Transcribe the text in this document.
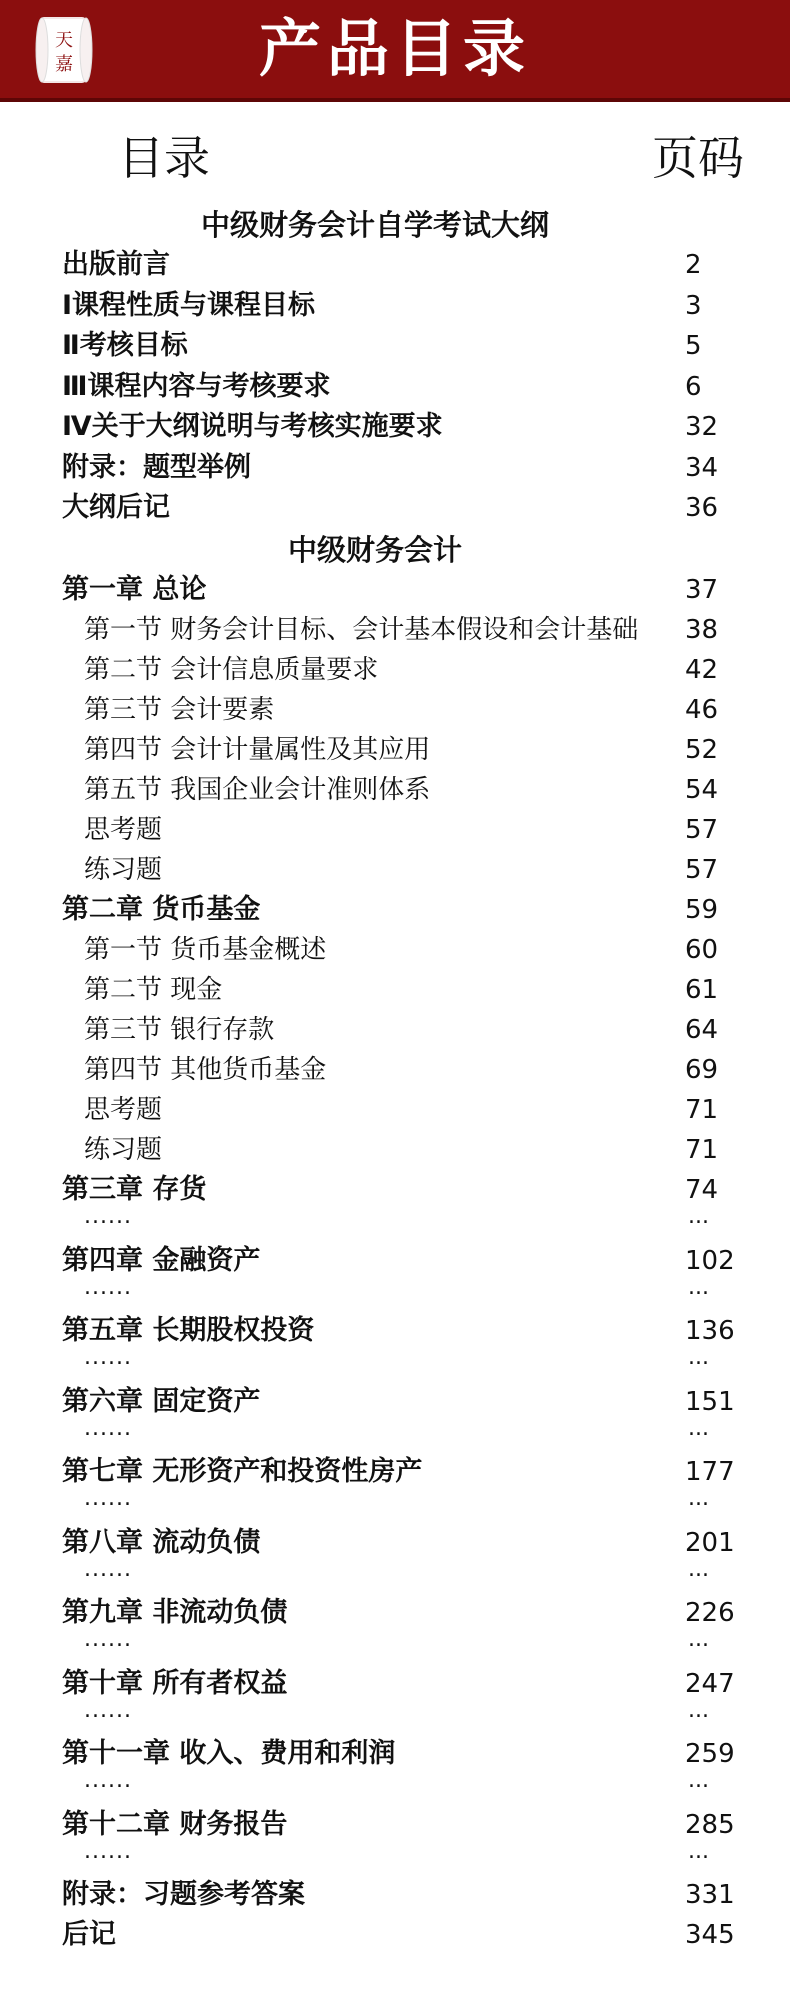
天
嘉	产品目录
目录	页码
中级财务会计自学考试大纲
出版前言	2
Ⅰ课程性质与课程目标	3
Ⅱ考核目标	5
Ⅲ课程内容与考核要求	6
Ⅳ关于大纲说明与考核实施要求	32
附录：题型举例	34
大纲后记	36
中级财务会计
第一章 总论	37
第一节 财务会计目标、会计基本假设和会计基础 38
第二节 会计信息质量要求	42
第三节 会计要素	46
第四节 会计计量属性及其应用	52
第五节 我国企业会计准则体系	54
思考题	57
练习题	57
第二章 货币基金	59
第一节 货币基金概述	60
第二节 现金	61
第三节 银行存款	64
第四节 其他货币基金	69
思考题	71
练习题	71
第三章 存货	74
......	...
第四章 金融资产	102
......	...
第五章 长期股权投资	136
......	...
第六章 固定资产	151
......	...
第七章 无形资产和投资性房产	177
......	...
第八章 流动负债	201
......	...
第九章 非流动负债	226
......	...
第十章 所有者权益	247
......	...
第十一章 收入、费用和利润	259
......	...
第十二章 财务报告	285
......	...
附录：习题参考答案	331
后记	345
